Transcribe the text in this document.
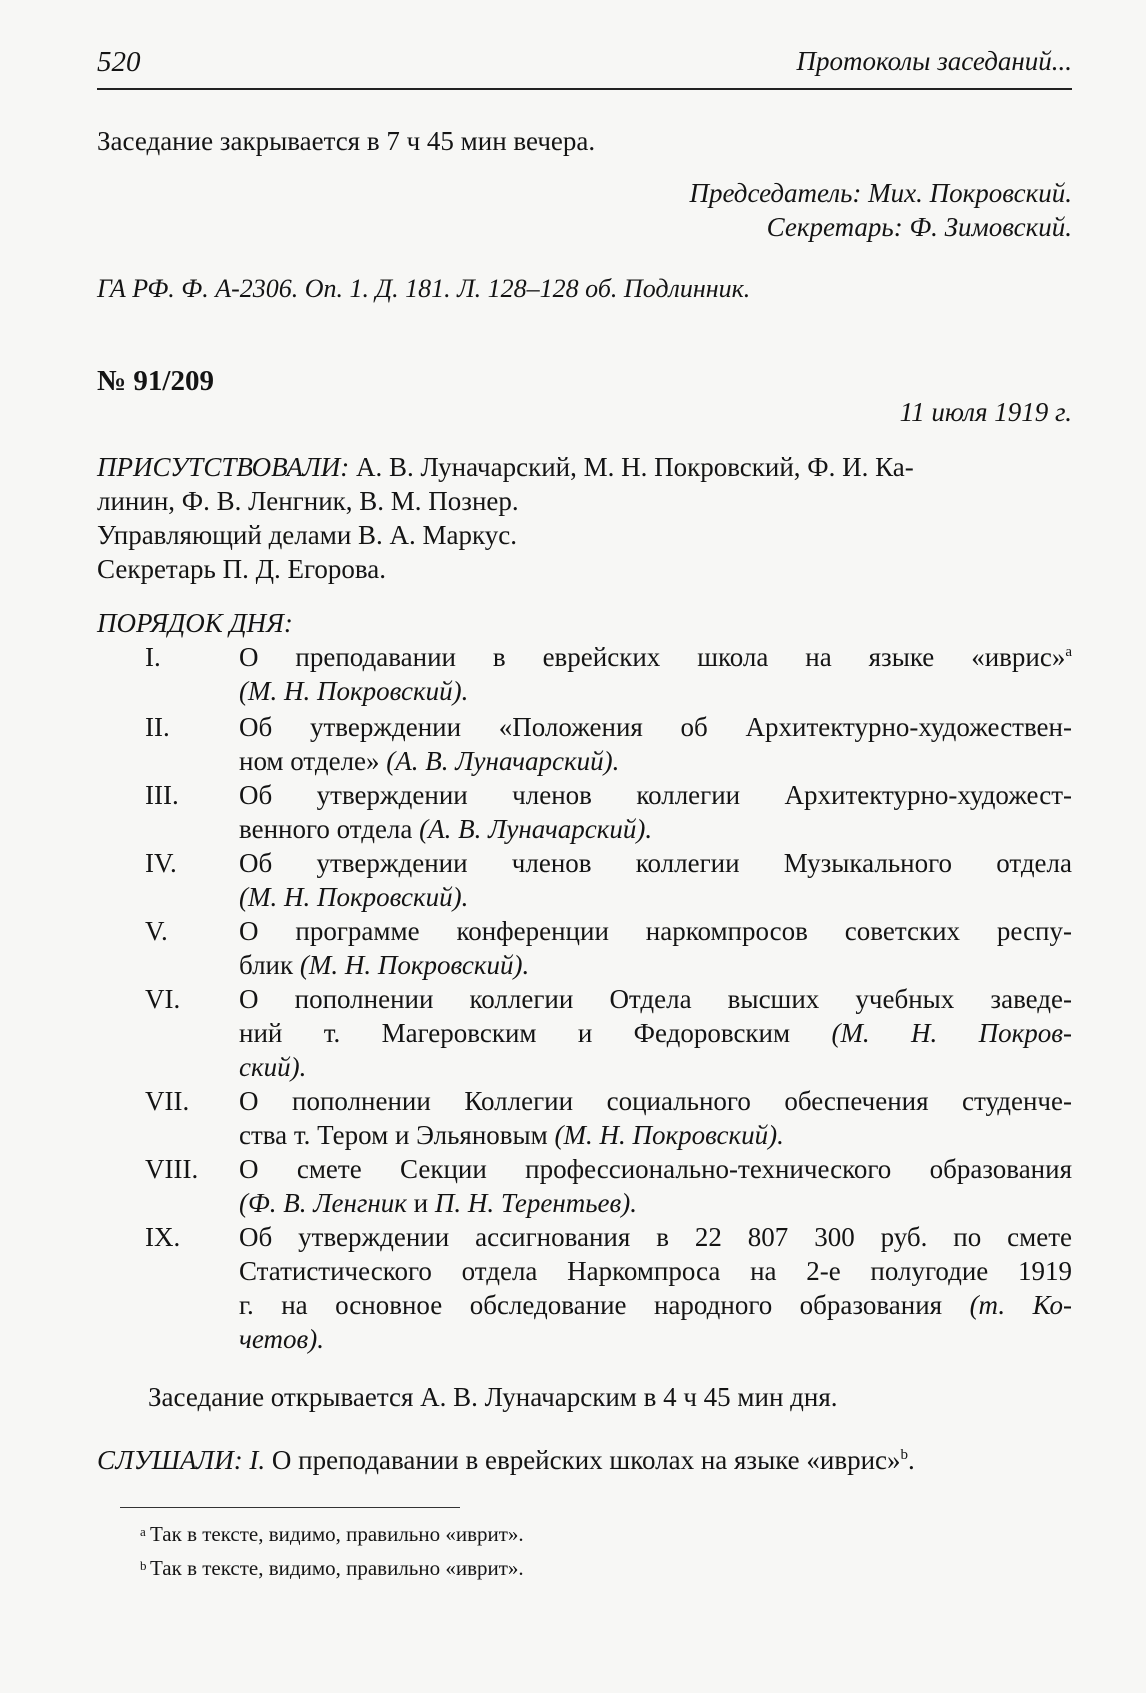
520	Протоколы заседаний...
Заседание закрывается в 7 ч 45 мин вечера.
Председатель: Мих. Покровский.
Секретарь: Ф. Зимовский.
ГА РФ. Ф. А-2306. Оп. 1. Д. 181. Л. 128–128 об. Подлинник.
№ 91/209
11 июля 1919 г.
ПРИСУТСТВОВАЛИ: А. В. Луначарский, М. Н. Покровский, Ф. И. Ка-
линин, Ф. В. Ленгник, В. М. Познер.
Управляющий делами В. А. Маркус.
Секретарь П. Д. Егорова.
ПОРЯДОК ДНЯ:
I.	О преподавании в еврейских школа на языке «иврис»$^a$
(М. Н. Покровский).
II.	Об утверждении «Положения об Архитектурно-художествен-
ном отделе» (А. В. Луначарский).
III. Об утверждении членов коллегии Архитектурно-художест-
венного отдела (А. В. Луначарский).
IV. Об утверждении членов коллегии Музыкального отдела
(М. Н. Покровский).
V.	О программе конференции наркомпросов советских респу-
блик (М. Н. Покровский).
VI. О пополнении коллегии Отдела высших учебных заведе-
ний т. Магеровским и Федоровским (М. Н. Покров-
ский).
VII. О пополнении Коллегии социального обеспечения студенче-
ства т. Тером и Эльяновым (М. Н. Покровский).
VIII. О смете Секции профессионально-технического образования
(Ф. В. Ленгник и П. Н. Терентьев).
IX. Об утверждении ассигнования в 22 807 300 руб. по смете
Статистического отдела Наркомпроса на 2-е полугодие 1919
г. на основное обследование народного образования (т. Ко-
четов).
Заседание открывается А. В. Луначарским в 4 ч 45 мин дня.
СЛУШАЛИ: I. О преподавании в еврейских школах на языке «иврис»$^b$.
a Так в тексте, видимо, правильно «иврит».
b Так в тексте, видимо, правильно «иврит».
